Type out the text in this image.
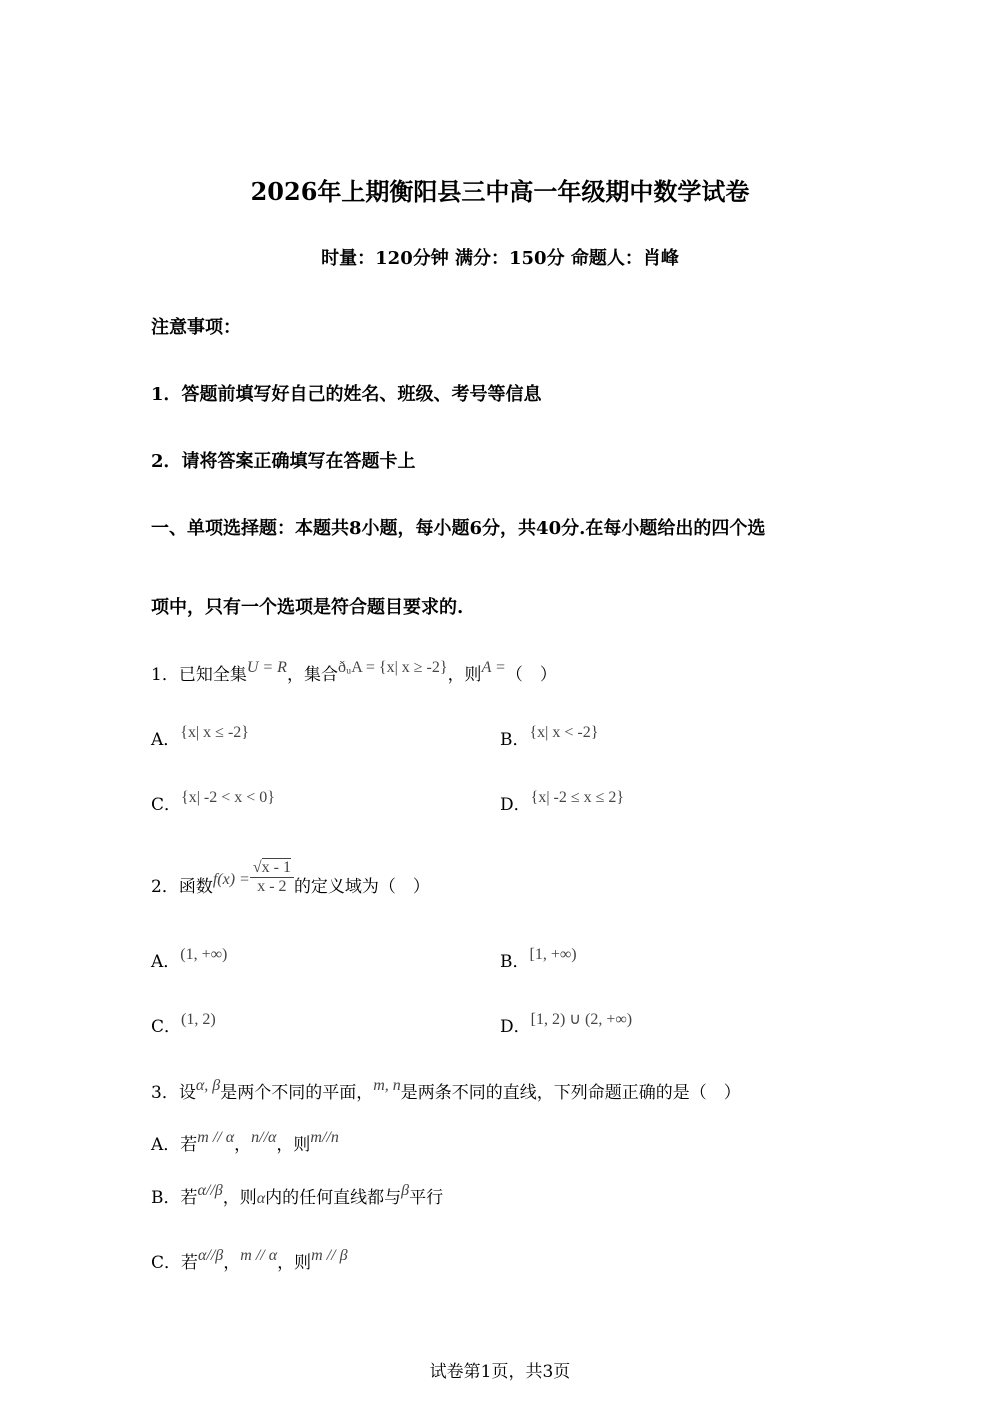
2026年上期衡阳县三中高一年级期中数学试卷
时量：120分钟 满分：150分 命题人：肖峰
注意事项：
1．答题前填写好自己的姓名、班级、考号等信息
2．请将答案正确填写在答题卡上
一、单项选择题：本题共8小题，每小题6分，共40分.在每小题给出的四个选
项中，只有一个选项是符合题目要求的.
1．已知全集U = R，集合ðᵤA = {x| x ≥ -2}，则A =（　）
A．{x| x ≤ -2}	B．{x| x < -2}
C．{x| -2 < x < 0}	D．{x| -2 ≤ x ≤ 2}
2．函数$f(x) = \frac{√x - 1}{x - 2}$ 的定义域为（　）
A．(1, +∞)	B．[1, +∞)
C．(1, 2)	D．[1, 2) ∪ (2, +∞)
3．设α, β是两个不同的平面，m, n是两条不同的直线，下列命题正确的是（　）
A．若m // α，n//α，则m//n
B．若α//β，则α内的任何直线都与β平行
C．若α//β，m // α，则m // β
试卷第1页，共3页
